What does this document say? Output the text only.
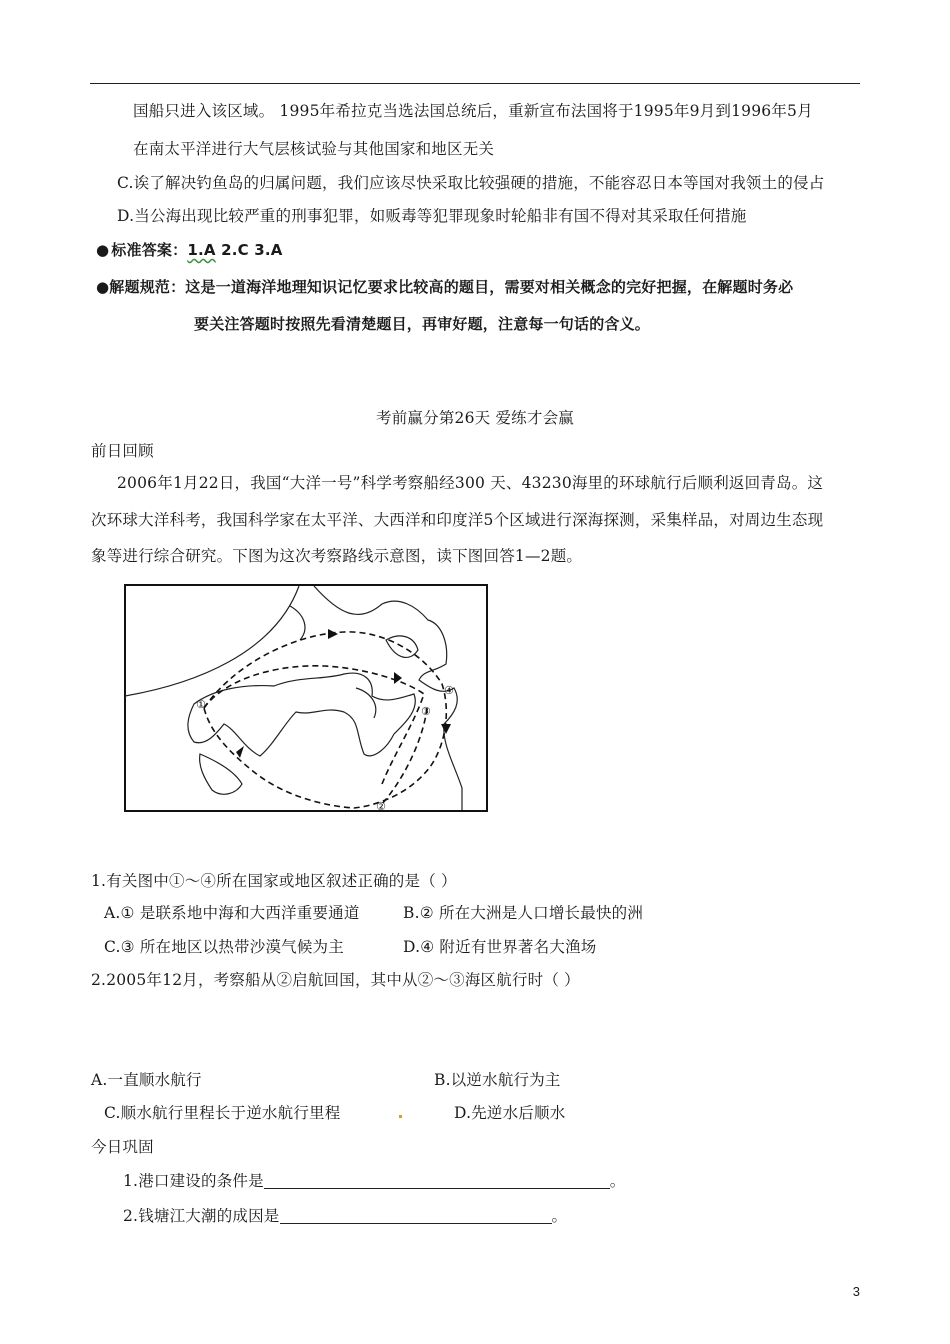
国船只进入该区域。 1995年希拉克当选法国总统后，重新宣布法国将于1995年9月到1996年5月
在南太平洋进行大气层核试验与其他国家和地区无关
C.诶了解决钓鱼岛的归属问题，我们应该尽快采取比较强硬的措施，不能容忍日本等国对我领土的侵占
D.当公海出现比较严重的刑事犯罪，如贩毒等犯罪现象时轮船非有国不得对其采取任何措施
● 标准答案：1.A 2.C 3.A
●解题规范：这是一道海洋地理知识记忆要求比较高的题目，需要对相关概念的完好把握，在解题时务必
要关注答题时按照先看清楚题目，再审好题，注意每一句话的含义。
考前赢分第26天 爱练才会赢
前日回顾
2006年1月22日，我国“大洋一号”科学考察船经300 天、43230海里的环球航行后顺利返回青岛。这
次环球大洋科考，我国科学家在太平洋、大西洋和印度洋5个区域进行深海探测，采集样品，对周边生态现
象等进行综合研究。下图为这次考察路线示意图，读下图回答1—2题。
①
②
③
④
1.有关图中①～④所在国家或地区叙述正确的是（ ）
A.① 是联系地中海和大西洋重要通道	B.② 所在大洲是人口增长最快的洲
C.③ 所在地区以热带沙漠气候为主	D.④ 附近有世界著名大渔场
2.2005年12月，考察船从②启航回国，其中从②～③海区航行时（ ）
A.一直顺水航行	B.以逆水航行为主
C.顺水航行里程长于逆水航行里程	D.先逆水后顺水
今日巩固
1.港口建设的条件是	。
2.钱塘江大潮的成因是	。
3
